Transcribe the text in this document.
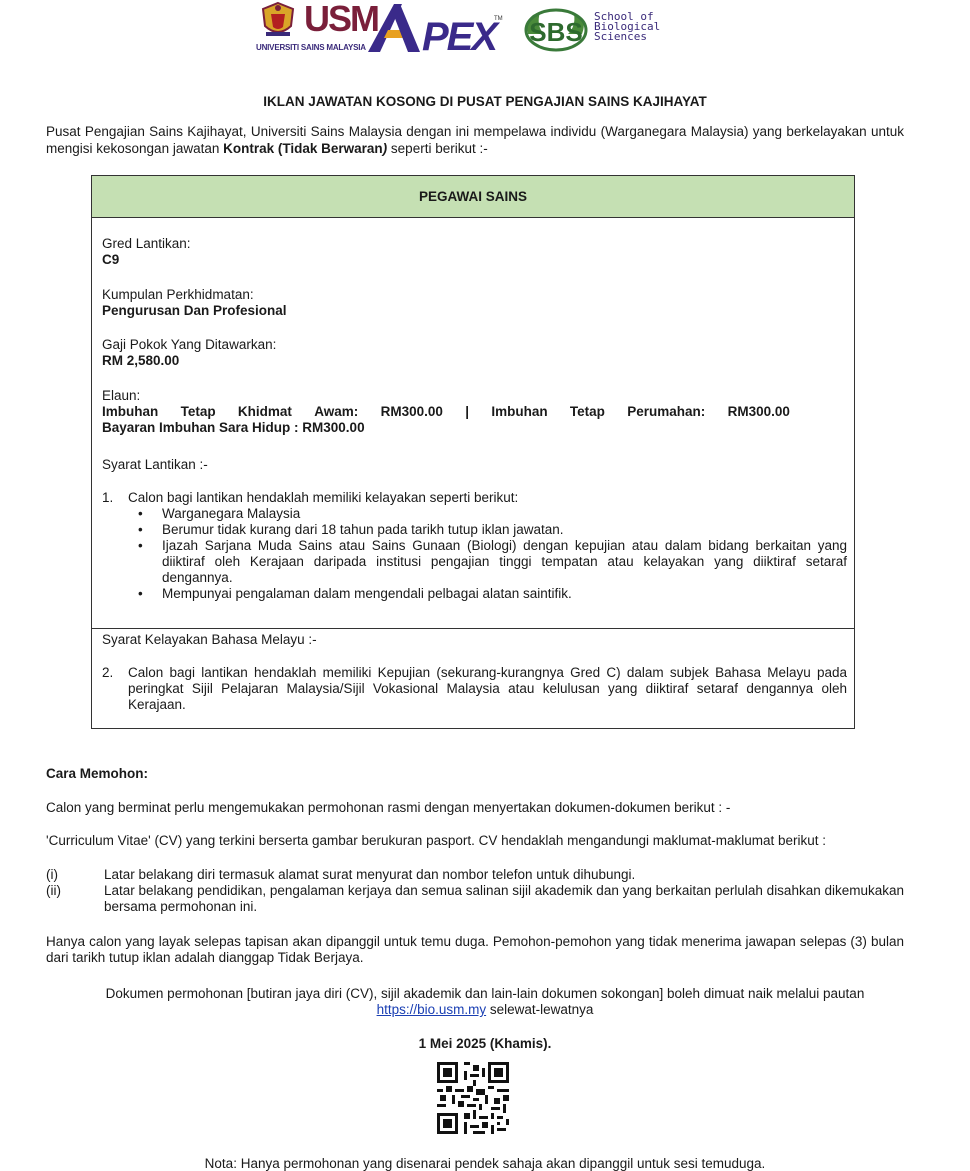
USM
UNIVERSITI SAINS MALAYSIA PEX
TM SBS
School of
Biological
Sciences
IKLAN JAWATAN KOSONG DI PUSAT PENGAJIAN SAINS KAJIHAYAT
Pusat Pengajian Sains Kajihayat, Universiti Sains Malaysia dengan ini mempelawa individu (Warganegara Malaysia) yang berkelayakan untuk mengisi kekosongan jawatan Kontrak (Tidak Berwaran) seperti berikut :-
PEGAWAI SAINS
Gred Lantikan:
C9
Kumpulan Perkhidmatan:
Pengurusan Dan Profesional
Gaji Pokok Yang Ditawarkan:
RM 2,580.00
Elaun:
Imbuhan Tetap Khidmat Awam: RM300.00 | Imbuhan Tetap Perumahan: RM300.00
Bayaran Imbuhan Sara Hidup : RM300.00
Syarat Lantikan :-
1.	Calon bagi lantikan hendaklah memiliki kelayakan seperti berikut:
• Warganegara Malaysia
• Berumur tidak kurang dari 18 tahun pada tarikh tutup iklan jawatan.
• Ijazah Sarjana Muda Sains atau Sains Gunaan (Biologi) dengan kepujian atau dalam bidang berkaitan yang diiktiraf oleh Kerajaan daripada institusi pengajian tinggi tempatan atau kelayakan yang diiktiraf setaraf dengannya.
• Mempunyai pengalaman dalam mengendali pelbagai alatan saintifik.
Syarat Kelayakan Bahasa Melayu :-
2.	Calon bagi lantikan hendaklah memiliki Kepujian (sekurang-kurangnya Gred C) dalam subjek Bahasa Melayu pada peringkat Sijil Pelajaran Malaysia/Sijil Vokasional Malaysia atau kelulusan yang diiktiraf setaraf dengannya oleh Kerajaan.
Cara Memohon:
Calon yang berminat perlu mengemukakan permohonan rasmi dengan menyertakan dokumen-dokumen berikut : -
'Curriculum Vitae' (CV) yang terkini berserta gambar berukuran pasport. CV hendaklah mengandungi maklumat-maklumat berikut :
(i)	Latar belakang diri termasuk alamat surat menyurat dan nombor telefon untuk dihubungi.
(ii)	Latar belakang pendidikan, pengalaman kerjaya dan semua salinan sijil akademik dan yang berkaitan perlulah disahkan dikemukakan bersama permohonan ini.
Hanya calon yang layak selepas tapisan akan dipanggil untuk temu duga. Pemohon-pemohon yang tidak menerima jawapan selepas (3) bulan dari tarikh tutup iklan adalah dianggap Tidak Berjaya.
Dokumen permohonan [butiran jaya diri (CV), sijil akademik dan lain-lain dokumen sokongan] boleh dimuat naik melalui pautan
https://bio.usm.my selewat-lewatnya
1 Mei 2025 (Khamis).
Nota: Hanya permohonan yang disenarai pendek sahaja akan dipanggil untuk sesi temuduga.
